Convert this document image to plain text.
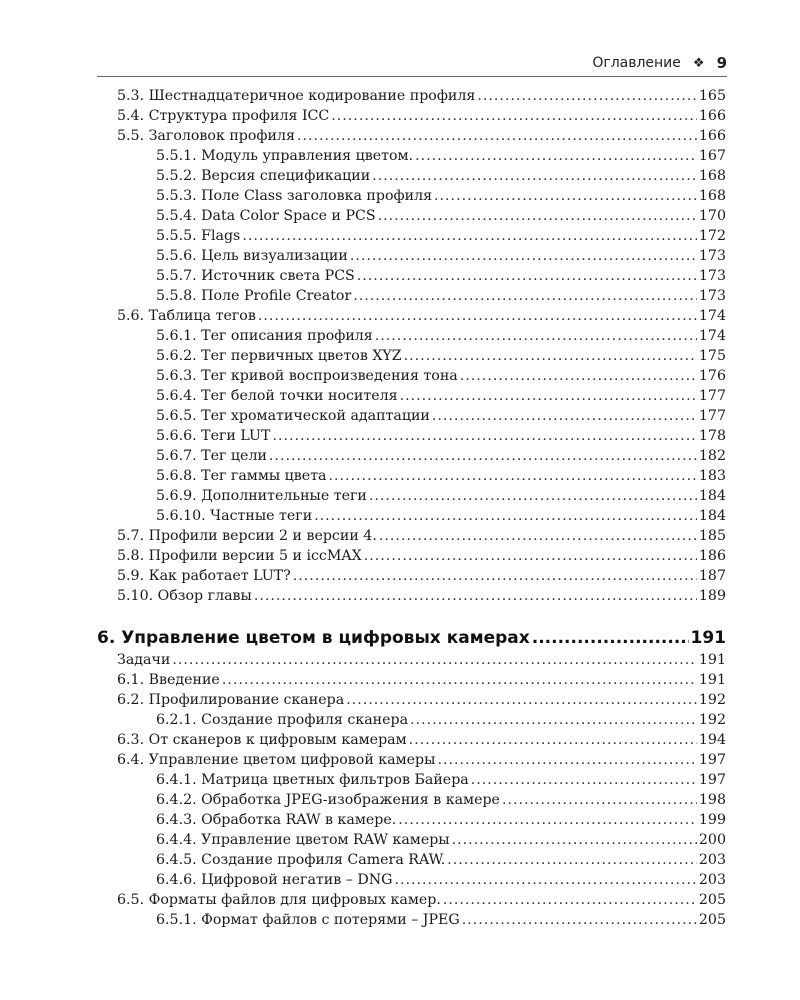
Оглавление ❖ 9
5.3. Шестнадцатеричное кодирование профиля .....	165
5.4. Структура профиля ICC .....	166
5.5. Заголовок профиля .....	166
5.5.1. Модуль управления цветом. .....	167
5.5.2. Версия спецификации .....	168
5.5.3. Поле Class заголовка профиля .....	168
5.5.4. Data Color Space и PCS .....	170
5.5.5. Flags .....	172
5.5.6. Цель визуализации .....	173
5.5.7. Источник света PCS .....	173
5.5.8. Поле Profile Creator .....	173
5.6. Таблица тегов .....	174
5.6.1. Тег описания профиля .....	174
5.6.2. Тег первичных цветов XYZ .....	175
5.6.3. Тег кривой воспроизведения тона .....	176
5.6.4. Тег белой точки носителя .....	177
5.6.5. Тег хроматической адаптации .....	177
5.6.6. Теги LUT .....	178
5.6.7. Тег цели .....	182
5.6.8. Тег гаммы цвета .....	183
5.6.9. Дополнительные теги .....	184
5.6.10. Частные теги .....	184
5.7. Профили версии 2 и версии 4. .....	185
5.8. Профили версии 5 и iccMAX .....	186
5.9. Как работает LUT? .....	187
5.10. Обзор главы .....	189
6. Управление цветом в цифровых камерах .....	191
Задачи .....	191
6.1. Введение .....	191
6.2. Профилирование сканера .....	192
6.2.1. Создание профиля сканера .....	192
6.3. От сканеров к цифровым камерам .....	194
6.4. Управление цветом цифровой камеры .....	197
6.4.1. Матрица цветных фильтров Байера .....	197
6.4.2. Обработка JPEG-изображения в камере .....	198
6.4.3. Обработка RAW в камере. .....	199
6.4.4. Управление цветом RAW камеры .....	200
6.4.5. Создание профиля Camera RAW. .....	203
6.4.6. Цифровой негатив – DNG .....	203
6.5. Форматы файлов для цифровых камер. .....	205
6.5.1. Формат файлов с потерями – JPEG .....	205
